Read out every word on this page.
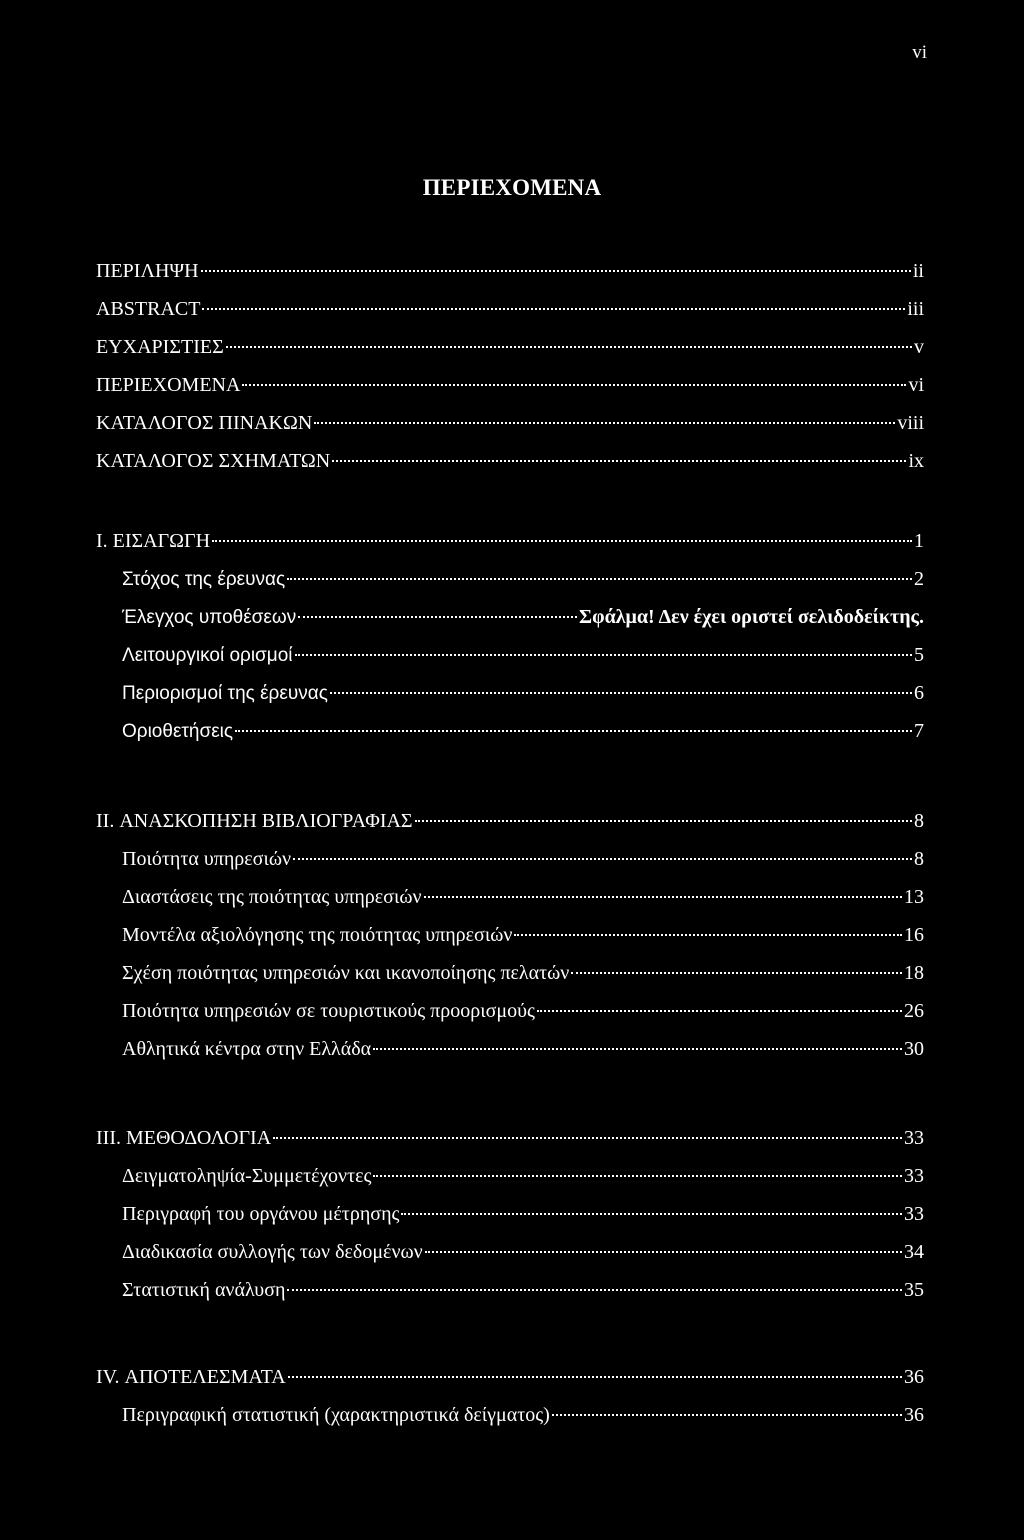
vi
ΠΕΡΙΕΧΟΜΕΝΑ
ΠΕΡΙΛΗΨΗ	ii
ABSTRACT	iii
ΕΥΧΑΡΙΣΤΙΕΣ	v
ΠΕΡΙΕΧΟΜΕΝΑ	vi
ΚΑΤΑΛΟΓΟΣ ΠΙΝΑΚΩΝ	viii
ΚΑΤΑΛΟΓΟΣ ΣΧΗΜΑΤΩΝ	ix
Ι. ΕΙΣΑΓΩΓΗ	1
Στόχος της έρευνας	2
Έλεγχος υποθέσεων	Σφάλμα! Δεν έχει οριστεί σελιδοδείκτης.
Λειτουργικοί ορισμοί	5
Περιορισμοί της έρευνας	6
Οριοθετήσεις	7
II. ΑΝΑΣΚΟΠΗΣΗ ΒΙΒΛΙΟΓΡΑΦΙΑΣ	8
Ποιότητα υπηρεσιών	8
Διαστάσεις της ποιότητας υπηρεσιών	13
Μοντέλα αξιολόγησης της ποιότητας υπηρεσιών	16
Σχέση ποιότητας υπηρεσιών και ικανοποίησης πελατών	18
Ποιότητα υπηρεσιών σε τουριστικούς προορισμούς	26
Αθλητικά κέντρα στην Ελλάδα	30
III. ΜΕΘΟΔΟΛΟΓΙΑ	33
Δειγματοληψία-Συμμετέχοντες	33
Περιγραφή του οργάνου μέτρησης	33
Διαδικασία συλλογής των δεδομένων	34
Στατιστική ανάλυση	35
IV. ΑΠΟΤΕΛΕΣΜΑΤΑ	36
Περιγραφική στατιστική (χαρακτηριστικά δείγματος)	36
